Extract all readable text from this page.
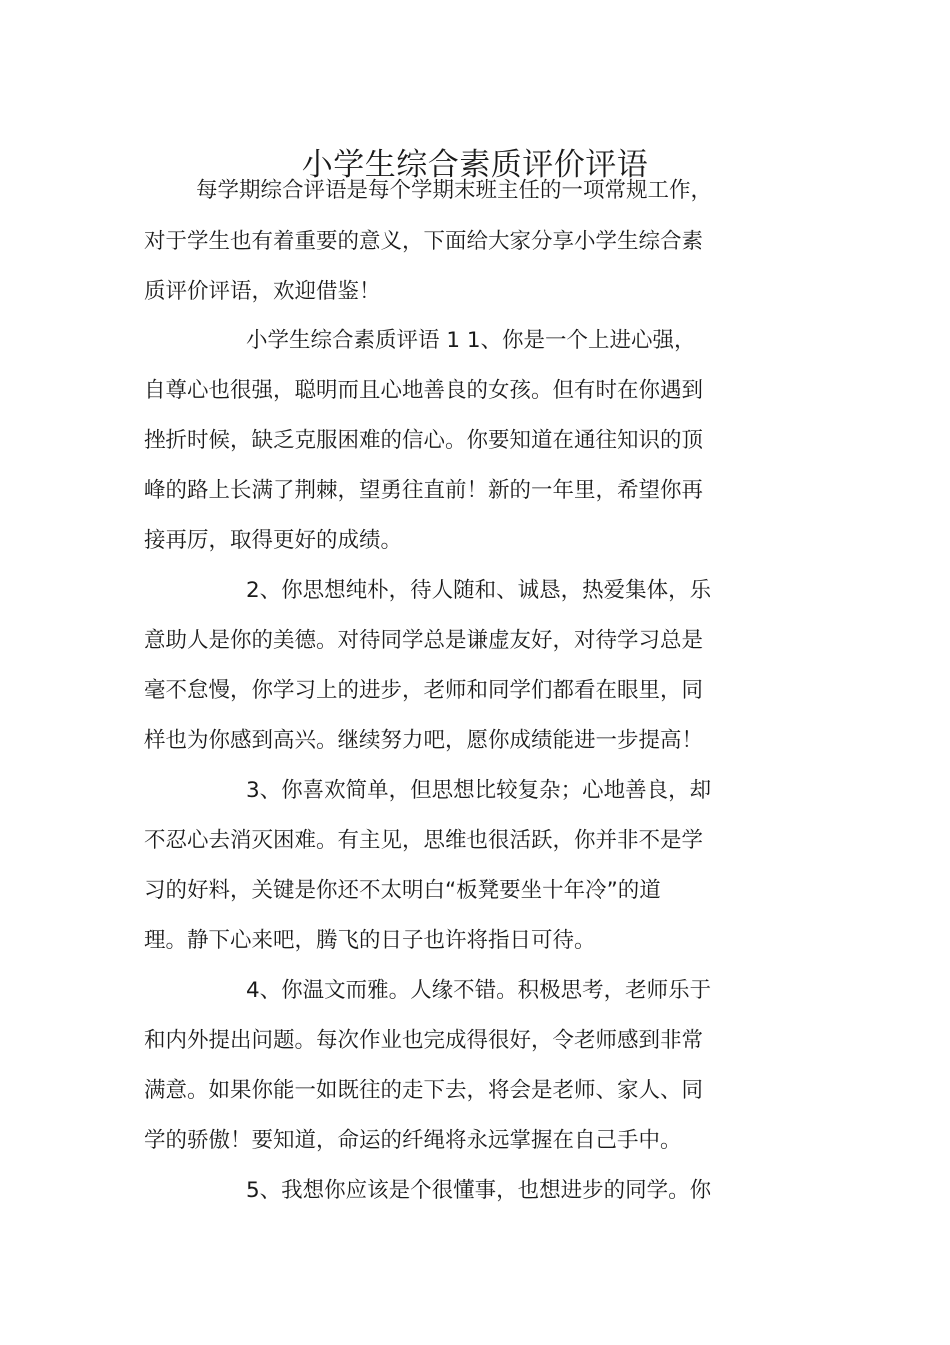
小学生综合素质评价评语

每学期综合评语是每个学期末班主任的一项常规工作，

对于学生也有着重要的意义，下面给大家分享小学生综合素

质评价评语，欢迎借鉴！

小学生综合素质评语 1 1、你是一个上进心强，

自尊心也很强，聪明而且心地善良的女孩。但有时在你遇到

挫折时候，缺乏克服困难的信心。你要知道在通往知识的顶

峰的路上长满了荆棘，望勇往直前！新的一年里，希望你再

接再厉，取得更好的成绩。

2、你思想纯朴，待人随和、诚恳，热爱集体，乐

意助人是你的美德。对待同学总是谦虚友好，对待学习总是

毫不怠慢，你学习上的进步，老师和同学们都看在眼里，同

样也为你感到高兴。继续努力吧，愿你成绩能进一步提高！

3、你喜欢简单，但思想比较复杂；心地善良，却

不忍心去消灭困难。有主见，思维也很活跃，你并非不是学

习的好料，关键是你还不太明白“板凳要坐十年冷”的道

理。静下心来吧，腾飞的日子也许将指日可待。

4、你温文而雅。人缘不错。积极思考，老师乐于

和内外提出问题。每次作业也完成得很好，令老师感到非常

满意。如果你能一如既往的走下去，将会是老师、家人、同

学的骄傲！要知道，命运的纤绳将永远掌握在自己手中。

5、我想你应该是个很懂事，也想进步的同学。你
